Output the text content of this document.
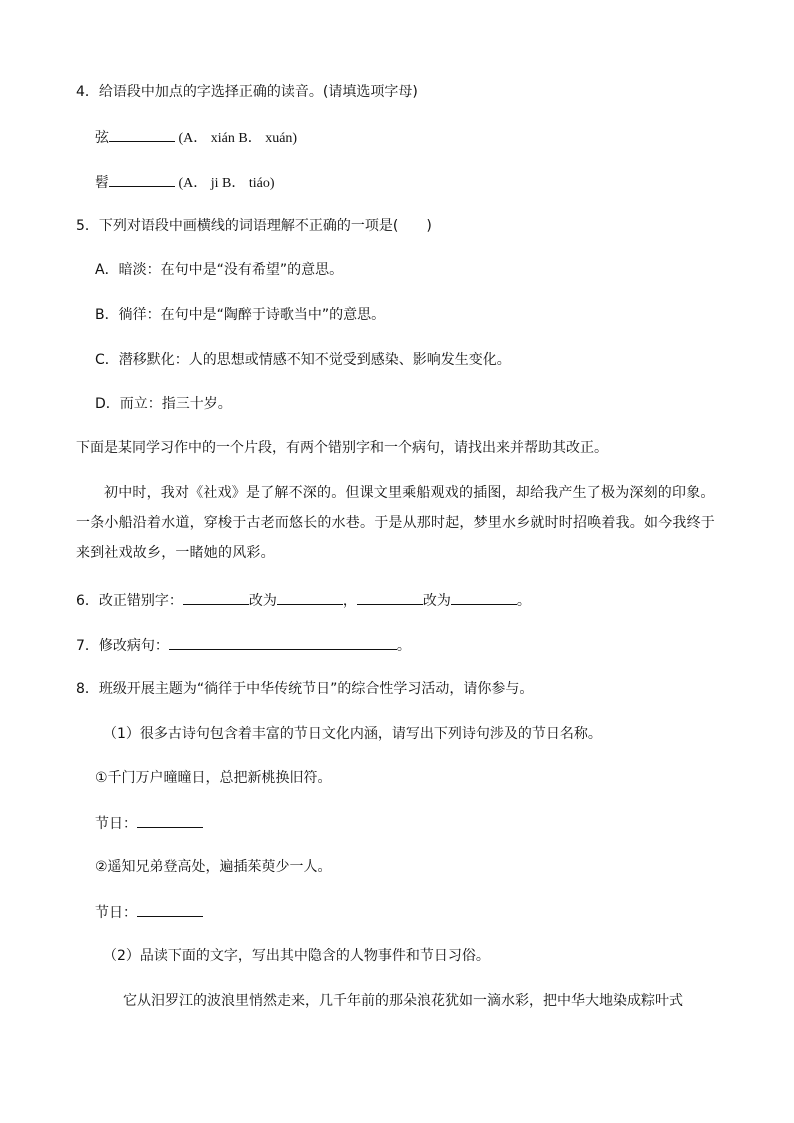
4．给语段中加点的字选择正确的读音。(请填选项字母)
弦	(A． xián B． xuán)
髫	(A． ji B． tiáo)
5．下列对语段中画横线的词语理解不正确的一项是(　　)
A．暗淡：在句中是“没有希望”的意思。
B．徜徉：在句中是“陶醉于诗歌当中”的意思。
C．潜移默化：人的思想或情感不知不觉受到感染、影响发生变化。
D．而立：指三十岁。
下面是某同学习作中的一个片段，有两个错别字和一个病句，请找出来并帮助其改正。
初中时，我对《社戏》是了解不深的。但课文里乘船观戏的插图，却给我产生了极为深刻的印象。一条小船沿着水道，穿梭于古老而悠长的水巷。于是从那时起，梦里水乡就时时招唤着我。如今我终于来到社戏故乡，一睹她的风彩。
6．改正错别字：	改为	，	改为	。
7．修改病句：	。
8．班级开展主题为“徜徉于中华传统节日”的综合性学习活动，请你参与。
（1）很多古诗句包含着丰富的节日文化内涵，请写出下列诗句涉及的节日名称。
①千门万户曈曈日，总把新桃换旧符。
节日：
②遥知兄弟登高处，遍插茱萸少一人。
节日：
（2）品读下面的文字，写出其中隐含的人物事件和节日习俗。
它从汨罗江的波浪里悄然走来，几千年前的那朵浪花犹如一滴水彩，把中华大地染成粽叶式
